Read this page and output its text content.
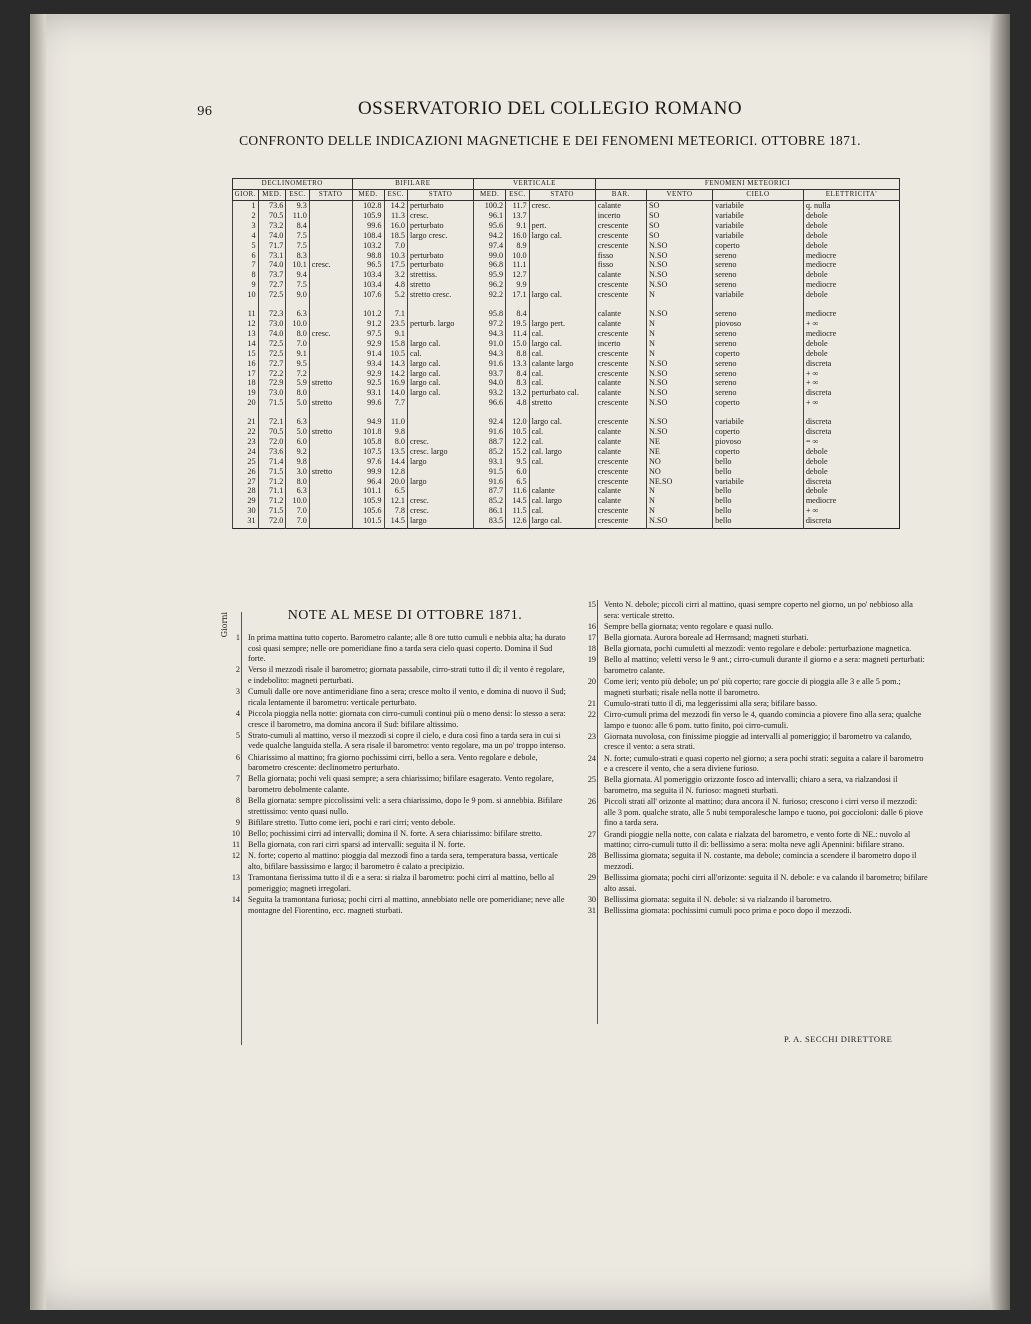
96	OSSERVATORIO DEL COLLEGIO ROMANO
CONFRONTO DELLE INDICAZIONI MAGNETICHE E DEI FENOMENI METEORICI. OTTOBRE 1871.
DECLINOMETRO				BIFILARE			VERTICALE			FENOMENI METEORICI			
GIOR.	MED.	ESC.	STATO	MED.	ESC.	STATO	MED.	ESC.	STATO	BAR.	VENTO	CIELO	ELETTRICITA'
1	73.6	9.3		102.8	14.2	perturbato	100.2	11.7	cresc.	calante	SO	variabile	q. nulla
2	70.5	11.0		105.9	11.3	cresc.	96.1	13.7		incerto	SO	variabile	debole
3	73.2	8.4		99.6	16.0	perturbato	95.6	9.1	pert.	crescente	SO	variabile	debole
4	74.0	7.5		108.4	18.5	largo cresc.	94.2	16.0	largo cal.	crescente	SO	variabile	debole
5	71.7	7.5		103.2	7.0		97.4	8.9		crescente	N.SO	coperto	debole
6	73.1	8.3		98.8	10.3	perturbato	99.0	10.0		fisso	N.SO	sereno	mediocre
7	74.0	10.1	cresc.	96.5	17.5	perturbato	96.8	11.1		fisso	N.SO	sereno	mediocre
8	73.7	9.4		103.4	3.2	strettiss.	95.9	12.7		calante	N.SO	sereno	debole
9	72.7	7.5		103.4	4.8	stretto	96.2	9.9		crescente	N.SO	sereno	mediocre
10	72.5	9.0		107.6	5.2	stretto cresc.	92.2	17.1	largo cal.	crescente	N	variabile	debole

11	72.3	6.3		101.2	7.1		95.8	8.4		calante	N.SO	sereno	mediocre
12	73.0	10.0		91.2	23.5	perturb. largo	97.2	19.5	largo pert.	calante	N	piovoso	+ ∞
13	74.0	8.0	cresc.	97.5	9.1		94.3	11.4	cal.	crescente	N	sereno	mediocre
14	72.5	7.0		92.9	15.8	largo cal.	91.0	15.0	largo cal.	incerto	N	sereno	debole
15	72.5	9.1		91.4	10.5	cal.	94.3	8.8	cal.	crescente	N	coperto	debole
16	72.7	9.5		93.4	14.3	largo cal.	91.6	13.3	calante largo	crescente	N.SO	sereno	discreta
17	72.2	7.2		92.9	14.2	largo cal.	93.7	8.4	cal.	crescente	N.SO	sereno	+ ∞
18	72.9	5.9	stretto	92.5	16.9	largo cal.	94.0	8.3	cal.	calante	N.SO	sereno	+ ∞
19	73.0	8.0		93.1	14.0	largo cal.	93.2	13.2	perturbato cal.	calante	N.SO	sereno	discreta
20	71.5	5.0	stretto	99.6	7.7		96.6	4.8	stretto	crescente	N.SO	coperto	+ ∞

21	72.1	6.3		94.9	11.0		92.4	12.0	largo cal.	crescente	N.SO	variabile	discreta
22	70.5	5.0	stretto	101.8	9.8		91.6	10.5	cal.	calante	N.SO	coperto	discreta
23	72.0	6.0		105.8	8.0	cresc.	88.7	12.2	cal.	calante	NE	piovoso	= ∞
24	73.6	9.2		107.5	13.5	cresc. largo	85.2	15.2	cal. largo	calante	NE	coperto	debole
25	71.4	9.8		97.6	14.4	largo	93.1	9.5	cal.	crescente	NO	bello	debole
26	71.5	3.0	stretto	99.9	12.8		91.5	6.0		crescente	NO	bello	debole
27	71.2	8.0		96.4	20.0	largo	91.6	6.5		crescente	NE.SO	variabile	discreta
28	71.1	6.3		101.1	6.5		87.7	11.6	calante	calante	N	bello	debole
29	71.2	10.0		105.9	12.1	cresc.	85.2	14.5	cal. largo	calante	N	bello	mediocre
30	71.5	7.0		105.6	7.8	cresc.	86.1	11.5	cal.	crescente	N	bello	+ ∞
31	72.0	7.0		101.5	14.5	largo	83.5	12.6	largo cal.	crescente	N.SO	bello	discreta
Giorni	NOTE AL MESE DI OTTOBRE 1871.
1 In prima mattina tutto coperto. Barometro calante; alle 8 ore tutto cumuli e nebbia alta; ha durato così quasi sempre; nelle ore pomeridiane fino a tarda sera cielo quasi coperto. Domina il Sud forte.
2 Verso il mezzodì risale il barometro; giornata passabile, cirro-strati tutto il dì; il vento è regolare, e indebolito: magneti perturbati.
3 Cumuli dalle ore nove antimeridiane fino a sera; cresce molto il vento, e domina di nuovo il Sud; ricala lentamente il barometro: verticale perturbato.
4 Piccola pioggia nella notte: giornata con cirro-cumuli continui più o meno densi: lo stesso a sera: cresce il barometro, ma domina ancora il Sud: bifilare altissimo.
5 Strato-cumuli al mattino, verso il mezzodì si copre il cielo, e dura così fino a tarda sera in cui si vede qualche languida stella. A sera risale il barometro: vento regolare, ma un po' troppo intenso.
6 Chiarissimo al mattino; fra giorno pochissimi cirri, bello a sera. Vento regolare e debole, barometro crescente: declinometro perturbato.
7 Bella giornata; pochi veli quasi sempre; a sera chiarissimo; bifilare esagerato. Vento regolare, barometro debolmente calante.
8 Bella giornata: sempre piccolissimi veli: a sera chiarissimo, dopo le 9 pom. si annebbia. Bifilare strettissimo: vento quasi nullo.
9 Bifilare stretto. Tutto come ieri, pochi e rari cirri; vento debole.
10 Bello; pochissimi cirri ad intervalli; domina il N. forte. A sera chiarissimo: bifilare stretto.
11 Bella giornata, con rari cirri sparsi ad intervalli: seguita il N. forte.
12 N. forte; coperto al mattino: pioggia dal mezzodì fino a tarda sera, temperatura bassa, verticale alto, bifilare bassissimo e largo; il barometro è calato a precipizio.
13 Tramontana fierissima tutto il dì e a sera: si rialza il barometro: pochi cirri al mattino, bello al pomeriggio; magneti irregolari.
14 Seguita la tramontana furiosa; pochi cirri al mattino, annebbiato nelle ore pomeridiane; neve alle montagne del Fiorentino, ecc. magneti sturbati.
15 Vento N. debole; piccoli cirri al mattino, quasi sempre coperto nel giorno, un po' nebbioso alla sera: verticale stretto.
16 Sempre bella giornata; vento regolare e quasi nullo.
17 Bella giornata. Aurora boreale ad Herrnsand; magneti sturbati.
18 Bella giornata, pochi cumuletti al mezzodì: vento regolare e debole: perturbazione magnetica.
19 Bello al mattino; veletti verso le 9 ant.; cirro-cumuli durante il giorno e a sera: magneti perturbati: barometro calante.
20 Come ieri; vento più debole; un po' più coperto; rare goccie di pioggia alle 3 e alle 5 pom.; magneti sturbati; risale nella notte il barometro.
21 Cumulo-strati tutto il dì, ma leggerissimi alla sera; bifilare basso.
22 Cirro-cumuli prima del mezzodì fin verso le 4, quando comincia a piovere fino alla sera; qualche lampo e tuono: alle 6 pom. tutto finito, poi cirro-cumuli.
23 Giornata nuvolosa, con finissime pioggie ad intervalli al pomeriggio; il barometro va calando, cresce il vento: a sera strati.
24 N. forte; cumulo-strati e quasi coperto nel giorno; a sera pochi strati: seguita a calare il barometro e a crescere il vento, che a sera diviene furioso.
25 Bella giornata. Al pomeriggio orizzonte fosco ad intervalli; chiaro a sera, va rialzandosi il barometro, ma seguita il N. furioso: magneti sturbati.
26 Piccoli strati all' orizonte al mattino; dura ancora il N. furioso; crescono i cirri verso il mezzodì: alle 3 pom. qualche strato, alle 5 nubi temporalesche lampo e tuono, poi goccioloni: dalle 6 piove fino a tarda sera.
27 Grandi pioggie nella notte, con calata e rialzata del barometro, e vento forte di NE.: nuvolo al mattino; cirro-cumuli tutto il dì: bellissimo a sera: molta neve agli Apennini: bifilare strano.
28 Bellissima giornata; seguita il N. costante, ma debole; comincia a scendere il barometro dopo il mezzodì.
29 Bellissima giornata; pochi cirri all'orizonte: seguita il N. debole: e va calando il barometro; bifilare alto assai.
30 Bellissima giornata: seguita il N. debole: si va rialzando il barometro.
31 Bellissima giornata: pochissimi cumuli poco prima e poco dopo il mezzodì.
P. A. SECCHI DIRETTORE
